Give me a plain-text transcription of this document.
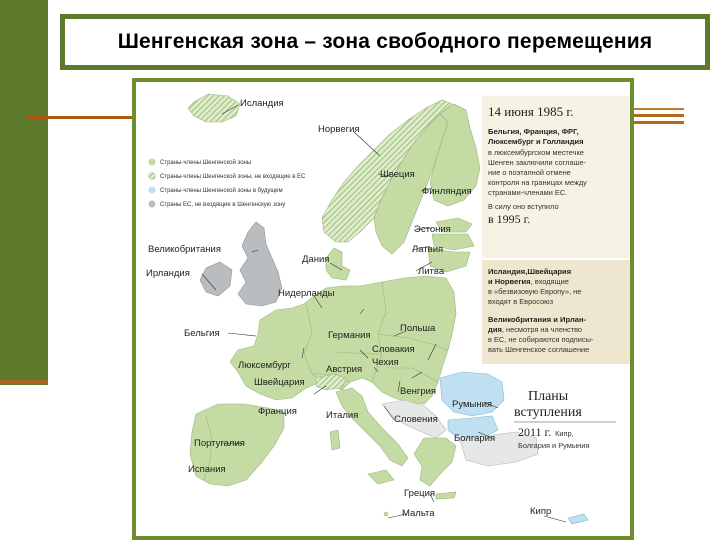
Шенгенская зона – зона свободного перемещения
Страны-члены Шенгенской зоны
Страны-члены Шенгенской зоны, не входящие в ЕС
Страны-члены Шенгенской зоны в будущем
Страны ЕС, не входящие в Шенгенскую зону
Исландия
Норвегия
Швеция
Финляндия
Эстония
Латвия
Литва
Великобритания
Ирландия
Дания
Нидерланды
Бельгия	Германия
Польша
Чехия
Словакия
Люксембург	Австрия
Швейцария
Венгрия
Франция	Италия	Словения
Румыния
Болгария
Португалия
Испания
Греция
Мальта	Кипр
14 июня 1985 г.
Бельгия, Франция, ФРГ,
Люксембург и Голландия
в люксембургском местечке
Шенген заключили соглаше-
ние о поэтапной отмене
контроля на границах между
странами-членами ЕС.
В силу оно вступило
в 1995 г.
Исландия,Швейцария
и Норвегия, входящие
в «безвизовую Европу», не
входят в Евросоюз
Великобритания и Ирлан-
дия, несмотря на членство
в ЕС, не собираются подписы-
вать Шенгенское соглашение
Планы
вступления
2011 г. Кипр,
Болгария и Румыния
